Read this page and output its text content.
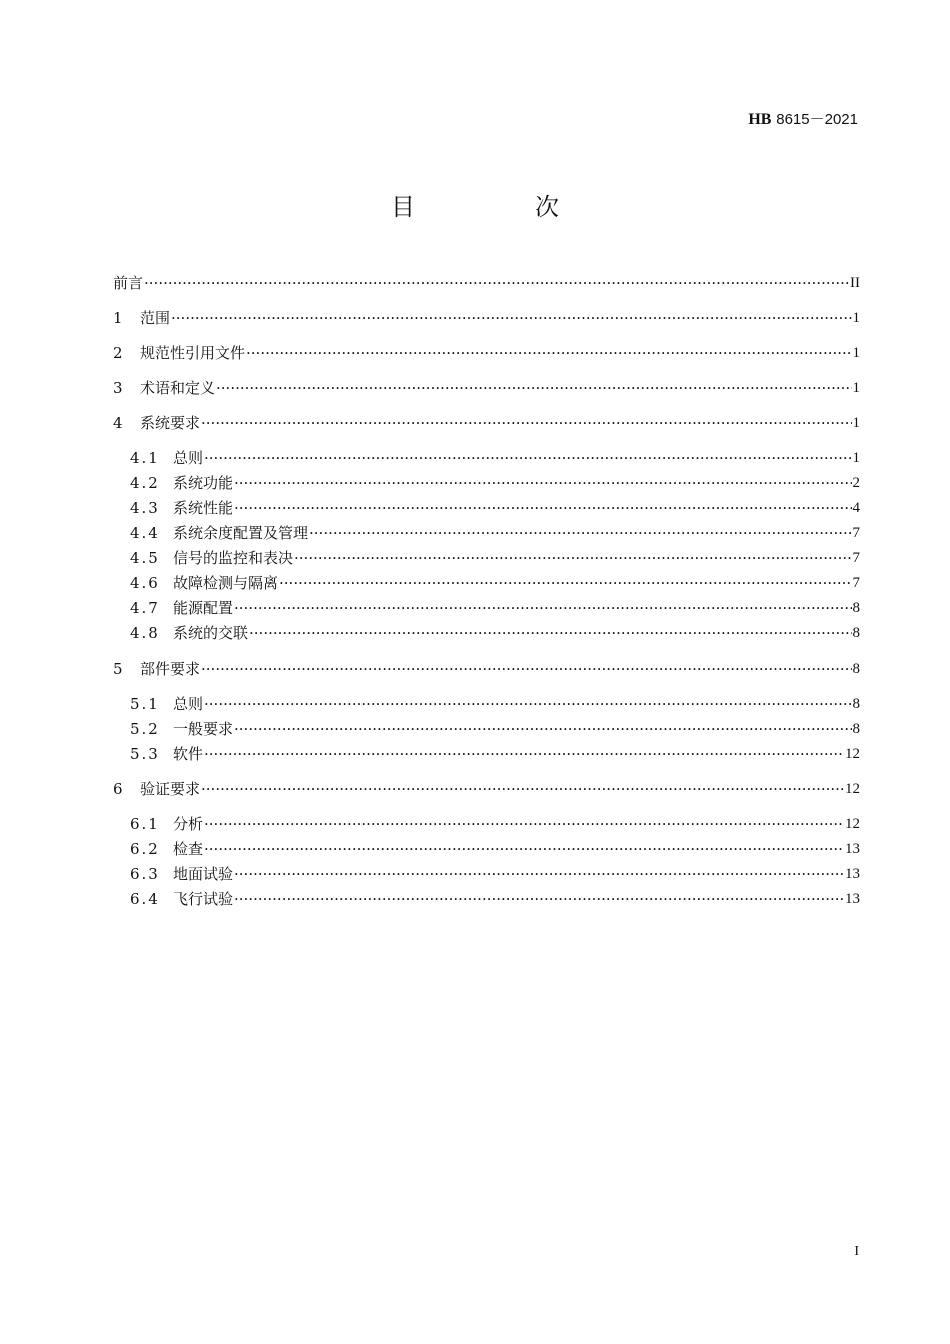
HB 8615－2021
目　次
前言 ·····	II
1	范围 ·····	1
2	规范性引用文件 ·····	1
3	术语和定义 ·····	1
4	系统要求 ·····	1
4.1 总则 ·····	1
4.2 系统功能 ·····	2
4.3 系统性能 ·····	4
4.4 系统余度配置及管理 ·····	7
4.5 信号的监控和表决 ·····	7
4.6 故障检测与隔离 ·····	7
4.7 能源配置 ·····	8
4.8 系统的交联 ·····	8
5	部件要求 ·····	8
5.1 总则 ·····	8
5.2 一般要求 ·····	8
5.3 软件 ·····	12
6	验证要求 ·····	12
6.1 分析 ·····	12
6.2 检查 ·····	13
6.3 地面试验 ·····	13
6.4 飞行试验 ·····	13
I
